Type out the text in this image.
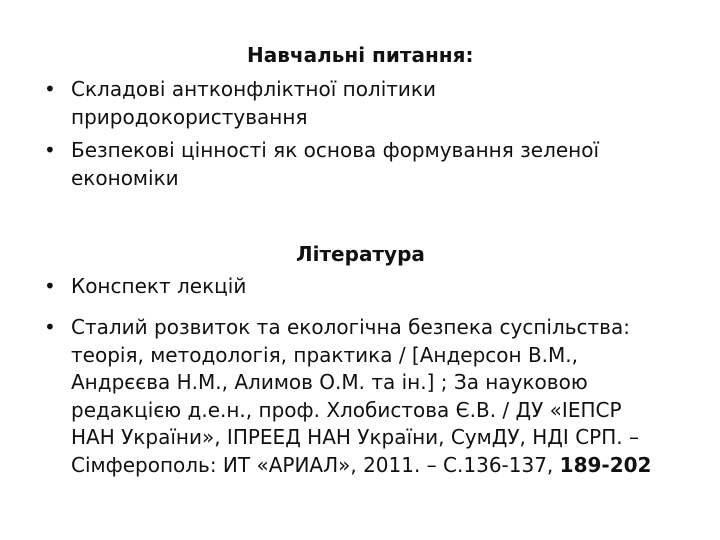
Навчальні питання:
• Складові антконфліктної політики
природокористування
• Безпекові цінності як основа формування зеленої
економіки
Література
• Конспект лекцій
• Сталий розвиток та екологічна безпека суспільства:
теорія, методологія, практика / [Андерсон В.М.,
Андрєєва Н.М., Алимов О.М. та ін.] ; За науковою
редакцією д.е.н., проф. Хлобистова Є.В. / ДУ «ІЕПСР
НАН України», ІПРЕЕД НАН України, СумДУ, НДІ СРП. –
Сімферополь: ИТ «АРИАЛ», 2011. – С.136-137, 189-202
